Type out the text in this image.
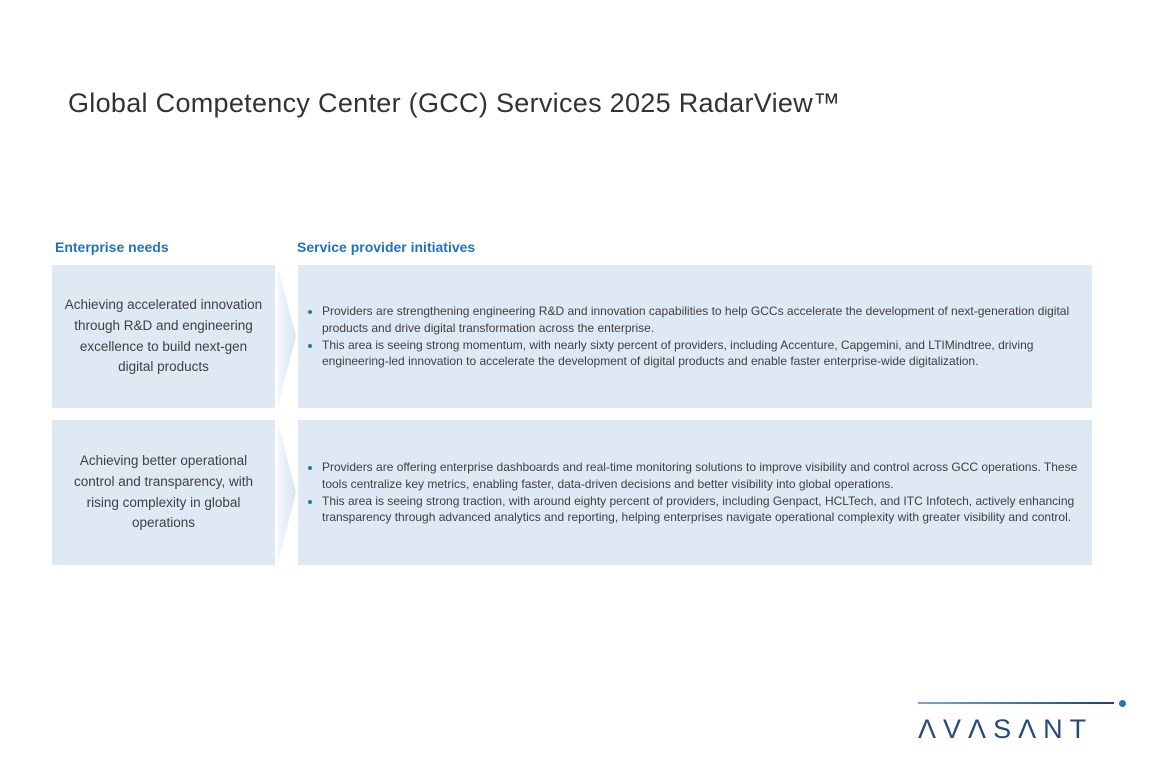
Global Competency Center (GCC) Services 2025 RadarView™
Enterprise needs	Service provider initiatives
Achieving accelerated innovation through R&D and engineering excellence to build next-gen digital products
Providers are strengthening engineering R&D and innovation capabilities to help GCCs accelerate the development of next-generation digital products and drive digital transformation across the enterprise.
This area is seeing strong momentum, with nearly sixty percent of providers, including Accenture, Capgemini, and LTIMindtree, driving engineering-led innovation to accelerate the development of digital products and enable faster enterprise-wide digitalization.
Achieving better operational control and transparency, with rising complexity in global operations
Providers are offering enterprise dashboards and real-time monitoring solutions to improve visibility and control across GCC operations. These tools centralize key metrics, enabling faster, data-driven decisions and better visibility into global operations.
This area is seeing strong traction, with around eighty percent of providers, including Genpact, HCLTech, and ITC Infotech, actively enhancing transparency through advanced analytics and reporting, helping enterprises navigate operational complexity with greater visibility and control.
ΛVΛSΛNT
